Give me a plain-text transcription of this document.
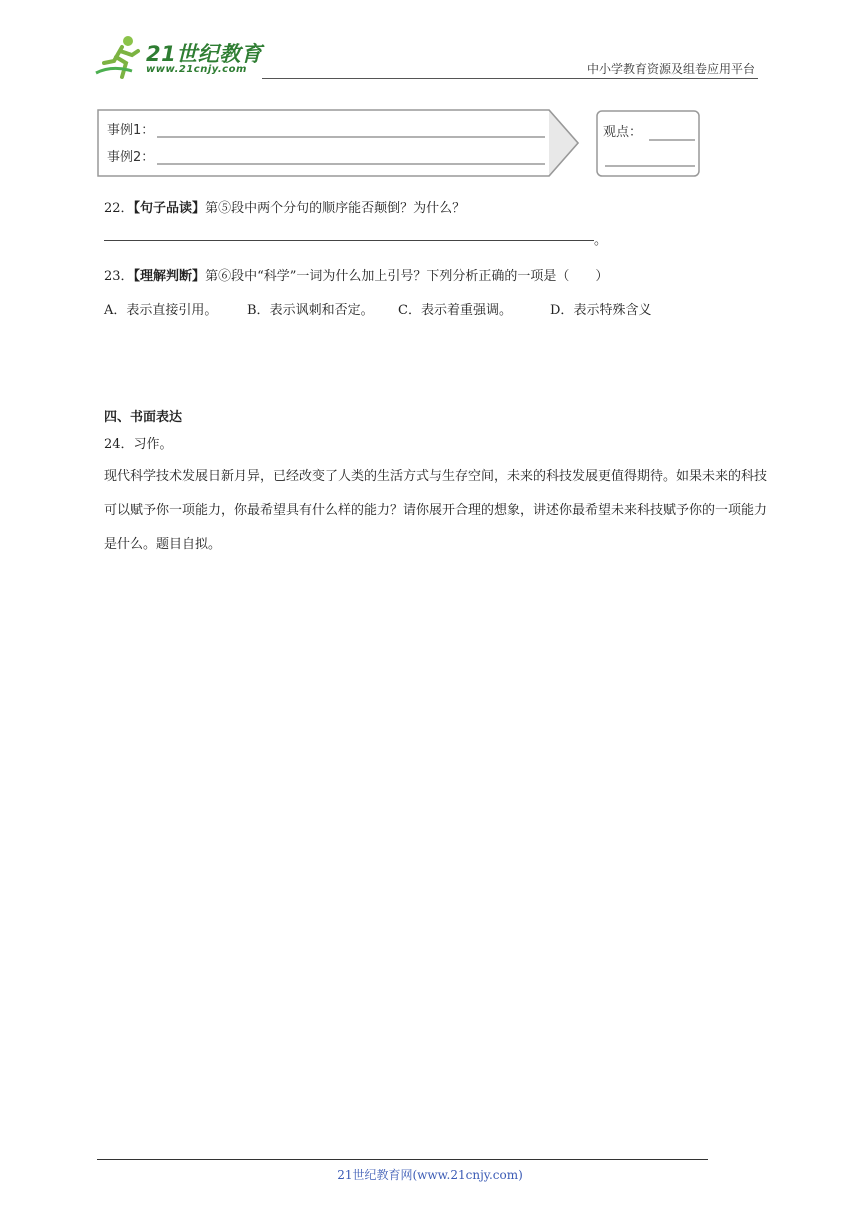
21世纪教育
www.21cnjy.com	中小学教育资源及组卷应用平台
事例1：
事例2：
观点：
22．【句子品读】第⑤段中两个分句的顺序能否颠倒？为什么？
。
23．【理解判断】第⑥段中“科学”一词为什么加上引号？下列分析正确的一项是（　　）
A．表示直接引用。 B．表示讽刺和否定。 C．表示着重强调。	D．表示特殊含义
四、书面表达
24．习作。
现代科学技术发展日新月异，已经改变了人类的生活方式与生存空间，未来的科技发展更值得期待。如果未来的科技可以赋予你一项能力，你最希望具有什么样的能力？请你展开合理的想象，讲述你最希望未来科技赋予你的一项能力是什么。题目自拟。
21世纪教育网(www.21cnjy.com)
